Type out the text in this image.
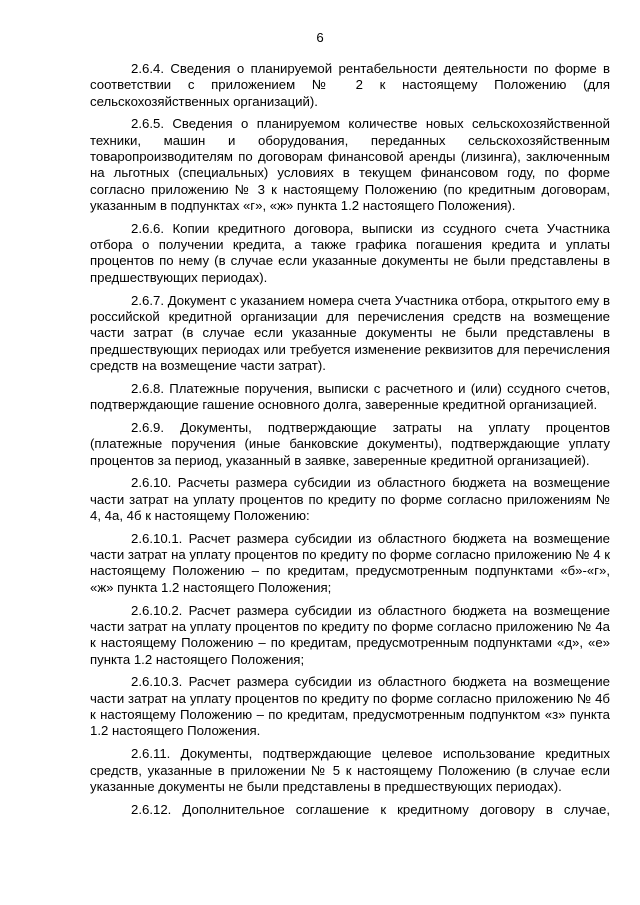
6

2.6.4. Сведения о планируемой рентабельности деятельности по форме в соответствии с приложением № 2 к настоящему Положению (для сельскохозяйственных организаций).

2.6.5. Сведения о планируемом количестве новых сельскохозяйственной техники, машин и оборудования, переданных сельскохозяйственным товаропроизводителям по договорам финансовой аренды (лизинга), заключенным на льготных (специальных) условиях в текущем финансовом году, по форме согласно приложению № 3 к настоящему Положению (по кредитным договорам, указанным в подпунктах «г», «ж» пункта 1.2 настоящего Положения).

2.6.6. Копии кредитного договора, выписки из ссудного счета Участника отбора о получении кредита, а также графика погашения кредита и уплаты процентов по нему (в случае если указанные документы не были представлены в предшествующих периодах).

2.6.7. Документ с указанием номера счета Участника отбора, открытого ему в российской кредитной организации для перечисления средств на возмещение части затрат (в случае если указанные документы не были представлены в предшествующих периодах или требуется изменение реквизитов для перечисления средств на возмещение части затрат).

2.6.8. Платежные поручения, выписки с расчетного и (или) ссудного счетов, подтверждающие гашение основного долга, заверенные кредитной организацией.

2.6.9. Документы, подтверждающие затраты на уплату процентов (платежные поручения (иные банковские документы), подтверждающие уплату процентов за период, указанный в заявке, заверенные кредитной организацией).

2.6.10. Расчеты размера субсидии из областного бюджета на возмещение части затрат на уплату процентов по кредиту по форме согласно приложениям № 4, 4а, 4б к настоящему Положению:

2.6.10.1. Расчет размера субсидии из областного бюджета на возмещение части затрат на уплату процентов по кредиту по форме согласно приложению № 4 к настоящему Положению – по кредитам, предусмотренным подпунктами «б»-«г», «ж» пункта 1.2 настоящего Положения;

2.6.10.2. Расчет размера субсидии из областного бюджета на возмещение части затрат на уплату процентов по кредиту по форме согласно приложению № 4а к настоящему Положению – по кредитам, предусмотренным подпунктами «д», «е» пункта 1.2 настоящего Положения;

2.6.10.3. Расчет размера субсидии из областного бюджета на возмещение части затрат на уплату процентов по кредиту по форме согласно приложению № 4б к настоящему Положению – по кредитам, предусмотренным подпунктом «з» пункта 1.2 настоящего Положения.

2.6.11. Документы, подтверждающие целевое использование кредитных средств, указанные в приложении № 5 к настоящему Положению (в случае если указанные документы не были представлены в предшествующих периодах).

2.6.12. Дополнительное соглашение к кредитному договору в случае,
